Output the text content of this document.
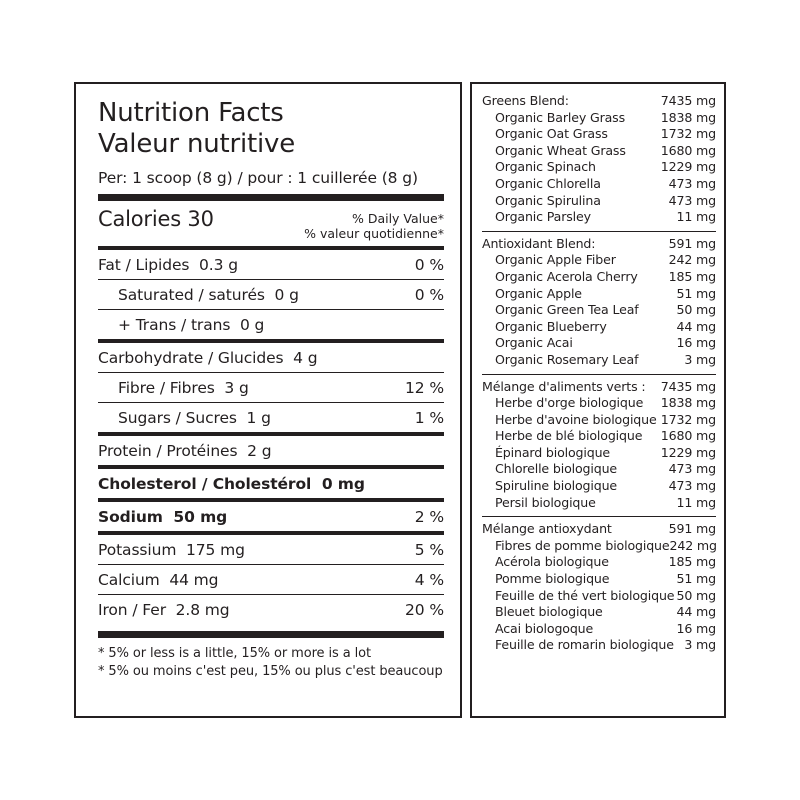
Nutrition Facts
Valeur nutritive
Per: 1 scoop (8 g) / pour : 1 cuillerée (8 g)
Calories 30	% Daily Value*
% valeur quotidienne*
Fat / Lipides  0.3 g	0 %
Saturated / saturés  0 g	0 %
+ Trans / trans  0 g
Carbohydrate / Glucides  4 g
Fibre / Fibres  3 g	12 %
Sugars / Sucres  1 g	1 %
Protein / Protéines  2 g
Cholesterol / Cholestérol  0 mg
Sodium  50 mg	2 %
Potassium  175 mg	5 %
Calcium  44 mg	4 %
Iron / Fer  2.8 mg	20 %
* 5% or less is a little, 15% or more is a lot
* 5% ou moins c'est peu, 15% ou plus c'est beaucoup
Greens Blend:	7435 mg
Organic Barley Grass	1838 mg
Organic Oat Grass	1732 mg
Organic Wheat Grass	1680 mg
Organic Spinach	1229 mg
Organic Chlorella	473 mg
Organic Spirulina	473 mg
Organic Parsley	11 mg
Antioxidant Blend:	591 mg
Organic Apple Fiber	242 mg
Organic Acerola Cherry 185 mg
Organic Apple	51 mg
Organic Green Tea Leaf	50 mg
Organic Blueberry	44 mg
Organic Acai	16 mg
Organic Rosemary Leaf	3 mg
Mélange d'aliments verts : 7435 mg
Herbe d'orge biologique 1838 mg
Herbe d'avoine biologique 1732 mg
Herbe de blé biologique 1680 mg
Épinard biologique	1229 mg
Chlorelle biologique	473 mg
Spiruline biologique	473 mg
Persil biologique	11 mg
Mélange antioxydant	591 mg
Fibres de pomme biologique 242 mg
Acérola biologique	185 mg
Pomme biologique	51 mg
Feuille de thé vert biologique 50 mg
Bleuet biologique	44 mg
Acai biologoque	16 mg
Feuille de romarin biologique 3 mg
